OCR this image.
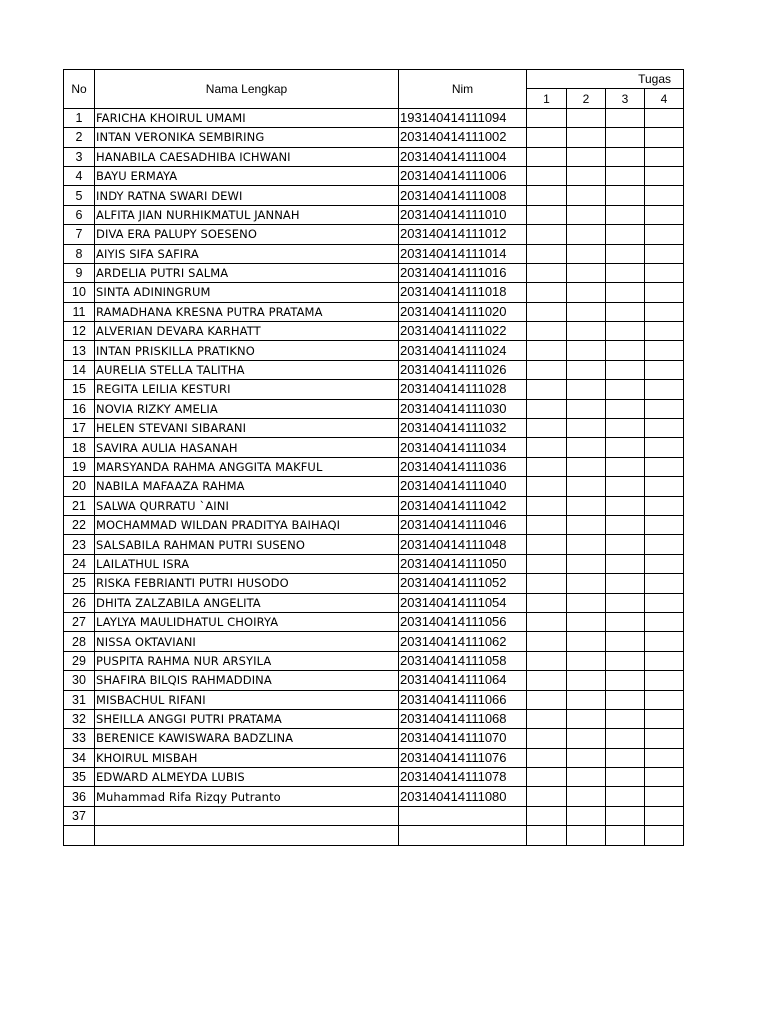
No	Nama Lengkap	Nim	Tugas			
			1	2	3	4
1	FARICHA KHOIRUL UMAMI	193140414111094				
2	INTAN VERONIKA SEMBIRING	203140414111002				
3	HANABILA CAESADHIBA ICHWANI	203140414111004				
4	BAYU ERMAYA	203140414111006				
5	INDY RATNA SWARI DEWI	203140414111008				
6	ALFITA JIAN NURHIKMATUL JANNAH	203140414111010				
7	DIVA ERA PALUPY SOESENO	203140414111012				
8	AIYIS SIFA SAFIRA	203140414111014				
9	ARDELIA PUTRI SALMA	203140414111016				
10	SINTA ADININGRUM	203140414111018				
11	RAMADHANA KRESNA PUTRA PRATAMA	203140414111020				
12	ALVERIAN DEVARA KARHATT	203140414111022				
13	INTAN PRISKILLA PRATIKNO	203140414111024				
14	AURELIA STELLA TALITHA	203140414111026				
15	REGITA LEILIA KESTURI	203140414111028				
16	NOVIA RIZKY AMELIA	203140414111030				
17	HELEN STEVANI SIBARANI	203140414111032				
18	SAVIRA AULIA HASANAH	203140414111034				
19	MARSYANDA RAHMA ANGGITA MAKFUL	203140414111036				
20	NABILA MAFAAZA RAHMA	203140414111040				
21	SALWA QURRATU `AINI	203140414111042				
22	MOCHAMMAD WILDAN PRADITYA BAIHAQI	203140414111046				
23	SALSABILA RAHMAN PUTRI SUSENO	203140414111048				
24	LAILATHUL ISRA	203140414111050				
25	RISKA FEBRIANTI PUTRI HUSODO	203140414111052				
26	DHITA ZALZABILA ANGELITA	203140414111054				
27	LAYLYA MAULIDHATUL CHOIRYA	203140414111056				
28	NISSA OKTAVIANI	203140414111062				
29	PUSPITA RAHMA NUR ARSYILA	203140414111058				
30	SHAFIRA BILQIS RAHMADDINA	203140414111064				
31	MISBACHUL RIFANI	203140414111066				
32	SHEILLA ANGGI PUTRI PRATAMA	203140414111068				
33	BERENICE KAWISWARA BADZLINA	203140414111070				
34	KHOIRUL MISBAH	203140414111076				
35	EDWARD ALMEYDA LUBIS	203140414111078				
36	Muhammad Rifa Rizqy Putranto	203140414111080				
37						
